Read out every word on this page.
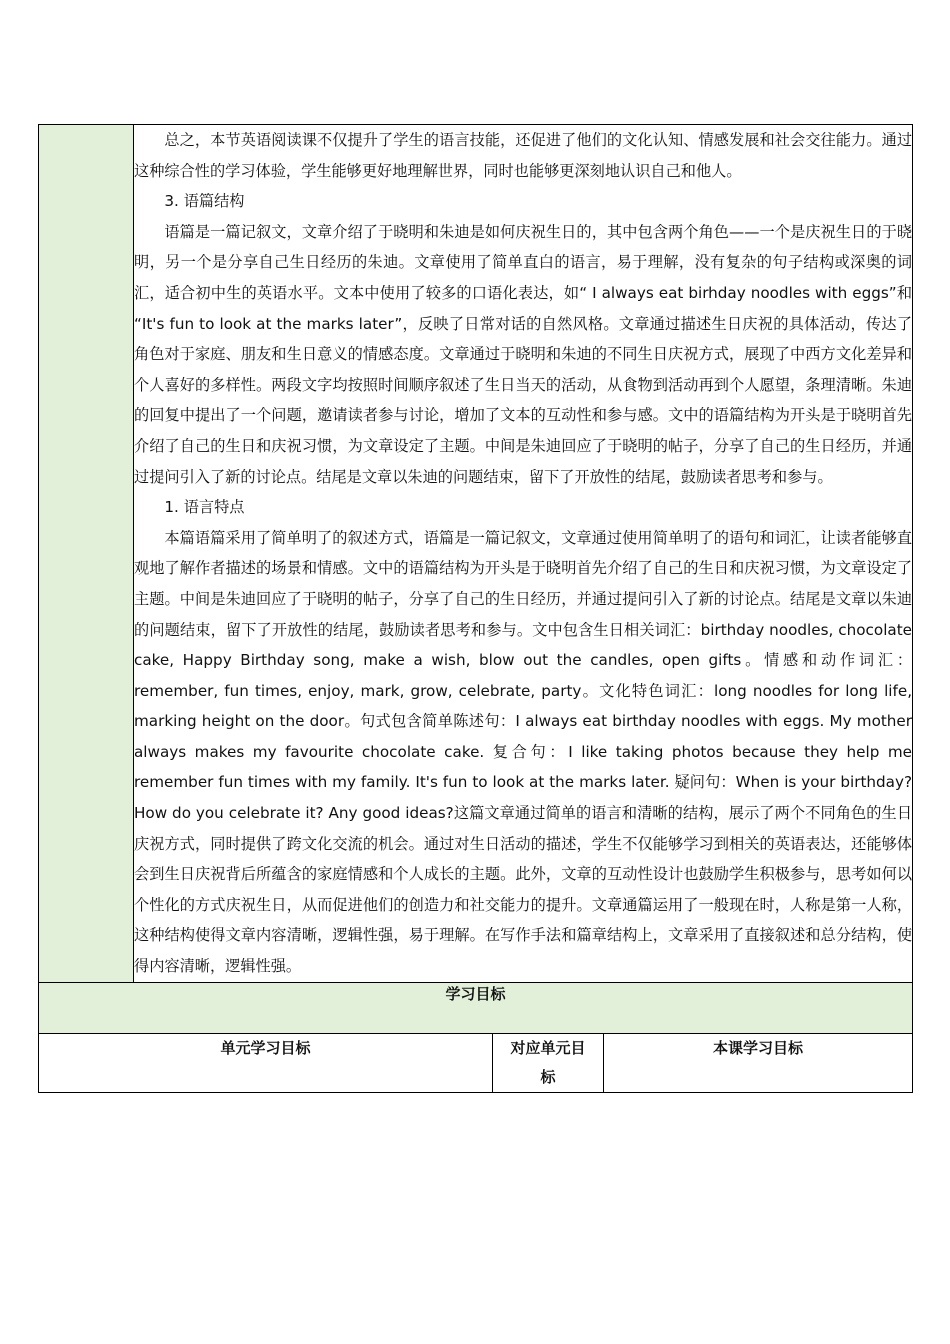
	总之，本节英语阅读课不仅提升了学生的语言技能，还促进了他们的文化认知、情感发展和社会交往能力。通过这种综合性的学习体验，学生能够更好地理解世界，同时也能够更深刻地认识自己和他人。

3. 语篇结构

语篇是一篇记叙文，文章介绍了于晓明和朱迪是如何庆祝生日的，其中包含两个角色——一个是庆祝生日的于晓明，另一个是分享自己生日经历的朱迪。文章使用了简单直白的语言，易于理解，没有复杂的句子结构或深奥的词汇，适合初中生的英语水平。文本中使用了较多的口语化表达，如“ I always eat birhday noodles with eggs”和 “It's fun to look at the marks later”，反映了日常对话的自然风格。文章通过描述生日庆祝的具体活动，传达了角色对于家庭、朋友和生日意义的情感态度。文章通过于晓明和朱迪的不同生日庆祝方式，展现了中西方文化差异和个人喜好的多样性。两段文字均按照时间顺序叙述了生日当天的活动，从食物到活动再到个人愿望，条理清晰。朱迪的回复中提出了一个问题，邀请读者参与讨论，增加了文本的互动性和参与感。文中的语篇结构为开头是于晓明首先介绍了自己的生日和庆祝习惯，为文章设定了主题。中间是朱迪回应了于晓明的帖子，分享了自己的生日经历，并通过提问引入了新的讨论点。结尾是文章以朱迪的问题结束，留下了开放性的结尾，鼓励读者思考和参与。

1. 语言特点

本篇语篇采用了简单明了的叙述方式，语篇是一篇记叙文，文章通过使用简单明了的语句和词汇，让读者能够直观地了解作者描述的场景和情感。文中的语篇结构为开头是于晓明首先介绍了自己的生日和庆祝习惯，为文章设定了主题。中间是朱迪回应了于晓明的帖子，分享了自己的生日经历，并通过提问引入了新的讨论点。结尾是文章以朱迪的问题结束，留下了开放性的结尾，鼓励读者思考和参与。文中包含生日相关词汇：birthday noodles, chocolate cake, Happy Birthday song, make a wish, blow out the candles, open gifts。情感和动作词汇：remember, fun times, enjoy, mark, grow, celebrate, party。文化特色词汇：long noodles for long life, marking height on the door。句式包含简单陈述句：I always eat birthday noodles with eggs. My mother always makes my favourite chocolate cake. 复合句：I like taking photos because they help me remember fun times with my family. It's fun to look at the marks later. 疑问句：When is your birthday? How do you celebrate it? Any good ideas?这篇文章通过简单的语言和清晰的结构，展示了两个不同角色的生日庆祝方式，同时提供了跨文化交流的机会。通过对生日活动的描述，学生不仅能够学习到相关的英语表达，还能够体会到生日庆祝背后所蕴含的家庭情感和个人成长的主题。此外，文章的互动性设计也鼓励学生积极参与，思考如何以个性化的方式庆祝生日，从而促进他们的创造力和社交能力的提升。文章通篇运用了一般现在时，人称是第一人称，这种结构使得文章内容清晰，逻辑性强，易于理解。在写作手法和篇章结构上，文章采用了直接叙述和总分结构，使得内容清晰，逻辑性强。		

学习目标			
单元学习目标		对应单元目标	本课学习目标
